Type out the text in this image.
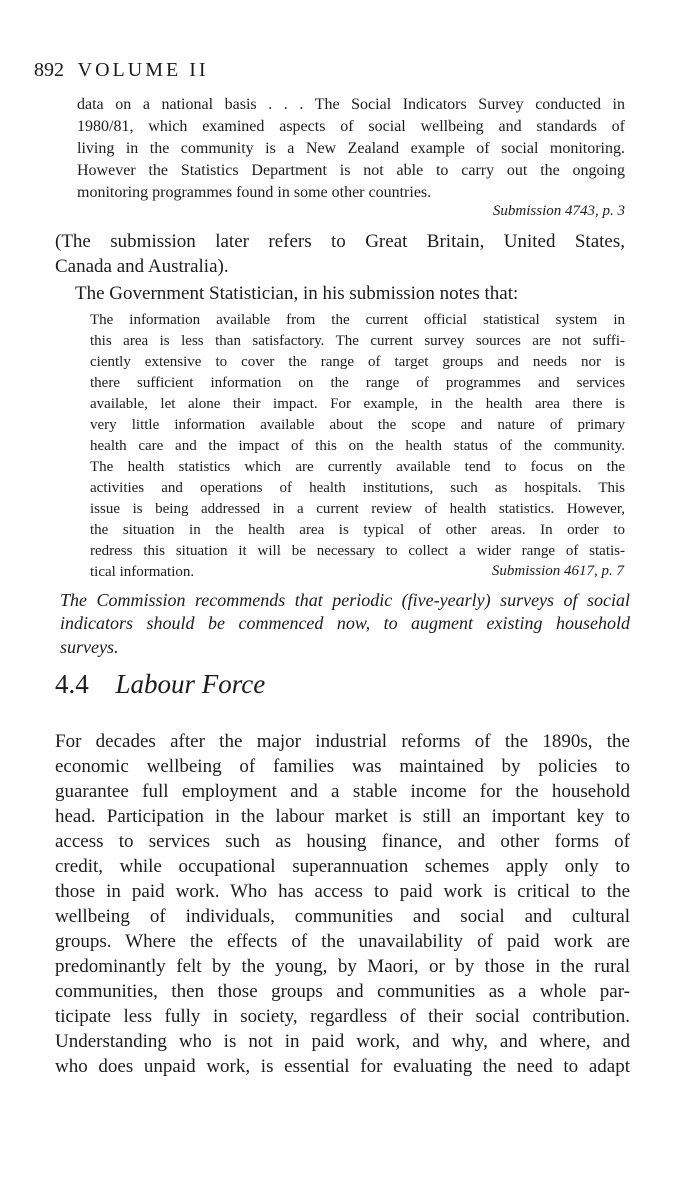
892 VOLUME II
data on a national basis . . . The Social Indicators Survey conducted in
1980/81, which examined aspects of social wellbeing and standards of
living in the community is a New Zealand example of social monitoring.
However the Statistics Department is not able to carry out the ongoing
monitoring programmes found in some other countries.
Submission 4743, p. 3
(The submission later refers to Great Britain, United States,
Canada and Australia).
The Government Statistician, in his submission notes that:
The information available from the current official statistical system in
this area is less than satisfactory. The current survey sources are not suffi-
ciently extensive to cover the range of target groups and needs nor is
there sufficient information on the range of programmes and services
available, let alone their impact. For example, in the health area there is
very little information available about the scope and nature of primary
health care and the impact of this on the health status of the community.
The health statistics which are currently available tend to focus on the
activities and operations of health institutions, such as hospitals. This
issue is being addressed in a current review of health statistics. However,
the situation in the health area is typical of other areas. In order to
redress this situation it will be necessary to collect a wider range of statis-
tical information.	Submission 4617, p. 7
The Commission recommends that periodic (five-yearly) surveys of social
indicators should be commenced now, to augment existing household
surveys.
4.4 Labour Force
For decades after the major industrial reforms of the 1890s, the
economic wellbeing of families was maintained by policies to
guarantee full employment and a stable income for the household
head. Participation in the labour market is still an important key to
access to services such as housing finance, and other forms of
credit, while occupational superannuation schemes apply only to
those in paid work. Who has access to paid work is critical to the
wellbeing of individuals, communities and social and cultural
groups. Where the effects of the unavailability of paid work are
predominantly felt by the young, by Maori, or by those in the rural
communities, then those groups and communities as a whole par-
ticipate less fully in society, regardless of their social contribution.
Understanding who is not in paid work, and why, and where, and
who does unpaid work, is essential for evaluating the need to adapt
